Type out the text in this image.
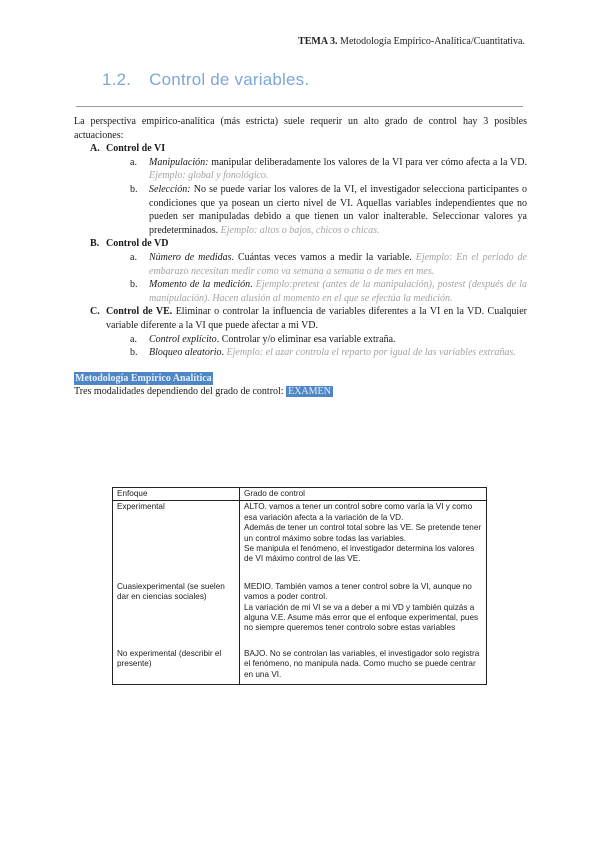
TEMA 3. Metodología Empírico-Analítica/Cuantitativa.
1.2. Control de variables.

La perspectiva empírico-analítica (más estricta) suele requerir un alto grado de control hay 3 posibles actuaciones:

A. Control de VI
a. Manipulación: manipular deliberadamente los valores de la VI para ver cómo afecta a la VD. Ejemplo: global y fonológico.
b. Selección: No se puede variar los valores de la VI, el investigador selecciona participantes o condiciones que ya posean un cierto nivel de VI. Aquellas variables independientes que no pueden ser manipuladas debido a que tienen un valor inalterable. Seleccionar valores ya predeterminados. Ejemplo: altos o bajos, chicos o chicas.
B. Control de VD
a. Número de medidas. Cuántas veces vamos a medir la variable. Ejemplo: En el periodo de embarazo necesitan medir como va semana a semana o de mes en mes.
b. Momento de la medición. Ejemplo:pretest (antes de la manipulación), postest (después de la manipulación). Hacen alusión al momento en el que se efectúa la medición.
C. Control de VE. Eliminar o controlar la influencia de variables diferentes a la VI en la VD. Cualquier variable diferente a la VI que puede afectar a mi VD.
a. Control explícito. Controlar y/o eliminar esa variable extraña.
b. Bloqueo aleatorio. Ejemplo: el azar controla el reparto por igual de las variables extrañas.
Metodología Empírico Analítica
Tres modalidades dependiendo del grado de control: EXAMEN
Enfoque	Grado de control
Experimental	ALTO. vamos a tener un control sobre como varía la VI y como esa variación afecta a la variación de la VD.
Además de tener un control total sobre las VE. Se pretende tener un control máximo sobre todas las variables.
Se manipula el fenómeno, el investigador determina los valores de VI máximo control de las VE.

Cuasiexperimental (se suelen dar en ciencias sociales)	MEDIO. También vamos a tener control sobre la VI, aunque no vamos a poder control.
La variación de mi VI se va a deber a mi VD y también quizás a alguna V.E. Asume más error que el enfoque experimental, pues no siempre queremos tener controlo sobre estas variables

No experimental (describir el presente)	BAJO. No se controlan las variables, el investigador solo registra el fenómeno, no manipula nada. Como mucho se puede centrar en una VI.
